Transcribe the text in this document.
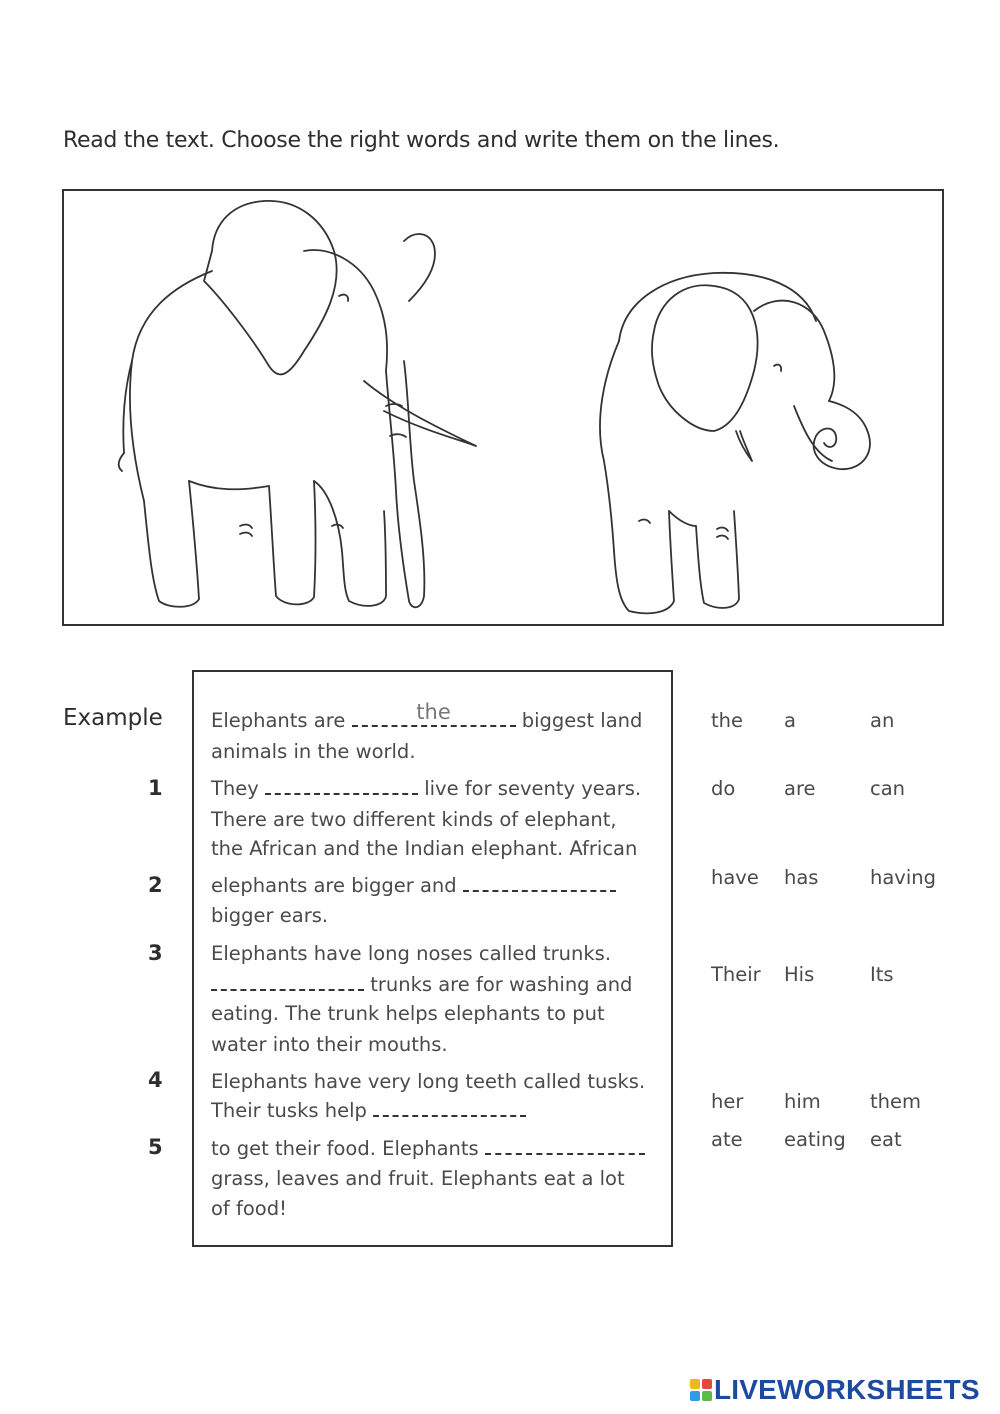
Read the text. Choose the right words and write them on the lines.
Example
1
2
3
4
5
Elephants are	the	biggest land
animals in the world.
They	live for seventy years.
There are two different kinds of elephant,
the African and the Indian elephant. African
elephants are bigger and
bigger ears.
Elephants have long noses called trunks.
trunks are for washing and
eating. The trunk helps elephants to put
water into their mouths.
Elephants have very long teeth called tusks.
Their tusks help
to get their food. Elephants
grass, leaves and fruit. Elephants eat a lot
of food!
the a	an
do are	can
have has	having
Their His	Its
her him	them
ate eating eat
LIVEWORKSHEETS
